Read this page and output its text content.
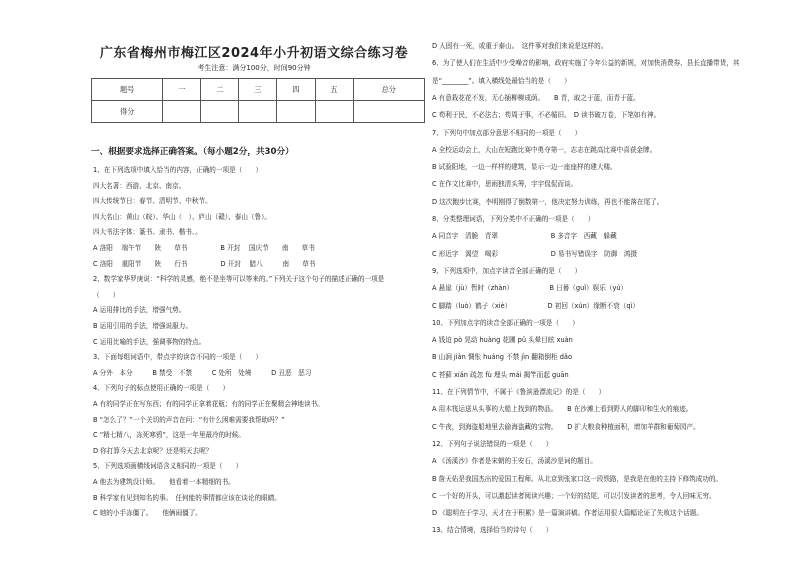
广东省梅州市梅江区2024年小升初语文综合练习卷
考生注意：满分100分，时间90分钟
题号	一	二	三	四	五	总分
得分						
一、根据要求选择正确答案。（每小题2分，共30分）
1、在下列选项中填入恰当的内容，正确的一项是（　　）
四大名著：西游、北京、南京。
四大传统节日：春节、清明节、中秋节。
四大名山：黄山（皖）、华山（　）、庐山（赣）、泰山（鲁）。
四大书法字体：篆书、隶书、楷书、。
A 洛阳　 端午节　　陕　　草书　　　　　B 开封　 国庆节　　南　　草书
C 洛阳　 重阳节　　陕　　行书　　　　　D 开封　 腊八　　　南　　草书
2、数学家华罗庚说：“科学的灵感，绝不是坐等可以等来的。”下列关于这个句子的描述正确的一项是
（　　）
A 运用排比的手法，增强气势。
B 运用引用的手法，增强说服力。
C 运用比喻的手法，强调事物的特点。
3、下面每组词语中，带点字的读音不同的一项是（　　）
A 分外　本分　　　B 禁受　不禁　　　C 处所　处境　　　D 丑恶　恶习
4、下列句子的标点使用正确的一项是（　　）
A 有的同学正在写东西；有的同学正拿着花瓶；有的同学正在聚精会神地读书。
B “怎么了？”一个关切的声音在问：“有什么困难需要我帮助吗？”
C “精七精八，冻死寒鸦”，这是一年里最冷的时候。
D 你打算今天去北京呢？还是明天去呢？
5、下列选项画横线词语含义相同的一项是（　　）
A 他去为建筑设计师。　　他看着一本精细的书。
B 科学家有见到知名的事。　任何能的事情都应该在谈论的眼睛。
C 她的小手冻僵了。　　他俩闹僵了。
D 人固有一死，或重于泰山。　这件事对我们来说是这样的。
6、为了使人们在生活中少受噪音的影响，政府实施了今年公益的新规，对加快消费券、县长直播带货，其
是“________”。填入横线处最恰当的是（　　）
A 有意栽花花不发，无心插柳柳成荫。　　B 青，取之于蓝，而青于蓝。
C 苟利于民，不必法古；苟周于事，不必循旧。　D 读书破万卷，下笔如有神。
7、下列句中加点部分意思不相同的一项是（　　）
A 全校运动会上，大山在短跑比赛中勇夺第一，志志在跳高比赛中喜获金牌。
B 试验阳地，一边一样样的建筑，显示一边一座座样的建大楼。
C 在作文比赛中，思雨独清头筹，宇宇侃侃而谈。
D 这次跑步比赛，李明刚得了倒数第一，他决定努力训练，再也不能落在尾了。
8、分类整理词语，下列分类中不正确的一项是（　　）
A 同音字　清脆　青翠　　　　　　　　B 多音字　西藏　躲藏
C 形近字　渴望　喝彩　　　　　　　　D 易书写错误字　防御　鸿摄
9、下列选项中，加点字读音全部正确的是（　　）
A 悬崖（jù）暂时（zhàn）　　　　　　B 日晷（guǐ）娱乐（yú）
C 脚踏（luò）鹤子（xiè）　　　　　　D 初回（xún）缘断不衰（qì）
10、下列加点字的读音全部正确的一项是（　　）
A 钱迫 pò 晃动 huàng 花圃 pǔ 头晕目眩 xuàn
B 山涧 jiàn 惆怅 huáng 不禁 jìn 翻箱倒柜 dǎo
C 苔藓 xiǎn 疏忽 fù 埋头 mái 揭竿而起 guān
11、在下列情节中，不属于《鲁滨逊漂流记》的是（　　）
A 用木筏运送从头事的大船上找到的物品。　　B 在沙滩上看到野人的脚印和生火的痕迹。
C 牛夜，到海盗船地里去偷海盗藏的宝物。　　D 扩大粮食种植面积，增加羊群和葡萄园产。
12、下列句子说法错误的一项是（　　）
A 《汤溪沙》作者是宋朝的王安石，汤溪沙是词的题目。
B 詹天佑是我国杰出的爱国工程师。从北京到张家口这一段铁路，是我是在他的主持下修筑成功的。
C 一个好的开头，可以激起读者阅读兴趣；一个好的结尾，可以引发读者的思考，令人回味无穷。
D 《聪明在于学习，天才在于积累》是一篇演讲稿。作者运用很大篇幅论证了失败这个话题。
13、结合情境，选择恰当的诗句（　　）
